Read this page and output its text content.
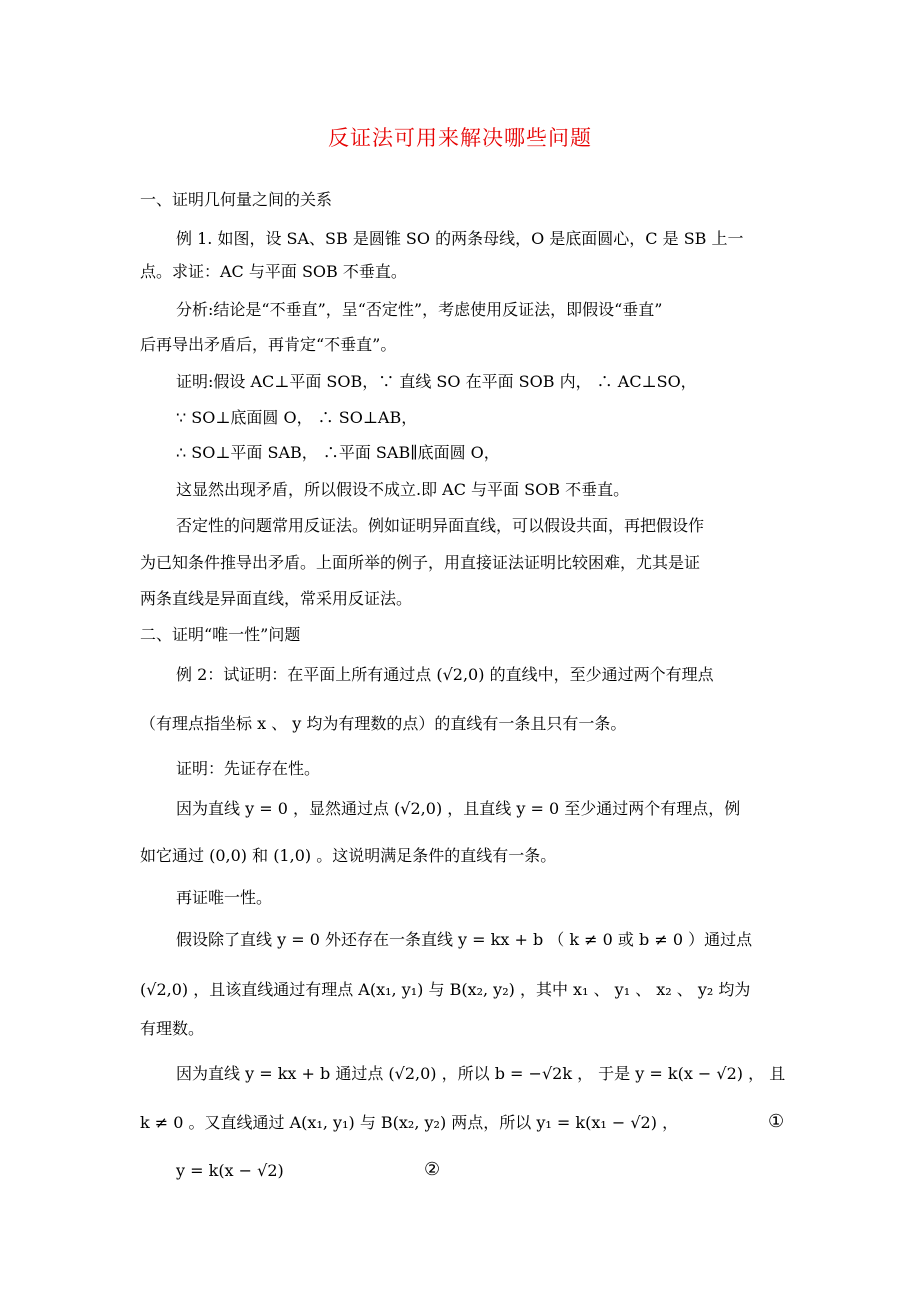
反证法可用来解决哪些问题
一、证明几何量之间的关系
例 1. 如图，设 SA、SB 是圆锥 SO 的两条母线，O 是底面圆心，C 是 SB 上一
点。求证：AC 与平面 SOB 不垂直。
分析:结论是“不垂直”，呈“否定性”，考虑使用反证法，即假设“垂直”
后再导出矛盾后，再肯定“不垂直”。
证明:假设 AC⊥平面 SOB，∵ 直线 SO 在平面 SOB 内， ∴ AC⊥SO，
∵ SO⊥底面圆 O， ∴ SO⊥AB，
∴ SO⊥平面 SAB， ∴平面 SAB∥底面圆 O，
这显然出现矛盾，所以假设不成立.即 AC 与平面 SOB 不垂直。
否定性的问题常用反证法。例如证明异面直线，可以假设共面，再把假设作
为已知条件推导出矛盾。上面所举的例子，用直接证法证明比较困难，尤其是证
两条直线是异面直线，常采用反证法。
二、证明“唯一性”问题
例 2：试证明：在平面上所有通过点 (√2,0) 的直线中，至少通过两个有理点
（有理点指坐标 x 、 y 均为有理数的点）的直线有一条且只有一条。
证明：先证存在性。
因为直线 y = 0 ，显然通过点 (√2,0) ，且直线 y = 0 至少通过两个有理点，例
如它通过 (0,0) 和 (1,0) 。这说明满足条件的直线有一条。
再证唯一性。
假设除了直线 y = 0 外还存在一条直线 y = kx + b （ k ≠ 0 或 b ≠ 0 ）通过点
(√2,0) ，且该直线通过有理点 A(x₁, y₁) 与 B(x₂, y₂) ，其中 x₁ 、 y₁ 、 x₂ 、 y₂ 均为
有理数。
因为直线 y = kx + b 通过点 (√2,0) ，所以 b = −√2k ， 于是 y = k(x − √2) ， 且
k ≠ 0 。又直线通过 A(x₁, y₁) 与 B(x₂, y₂) 两点，所以 y₁ = k(x₁ − √2) ，
y = k(x − √2)
①
②
